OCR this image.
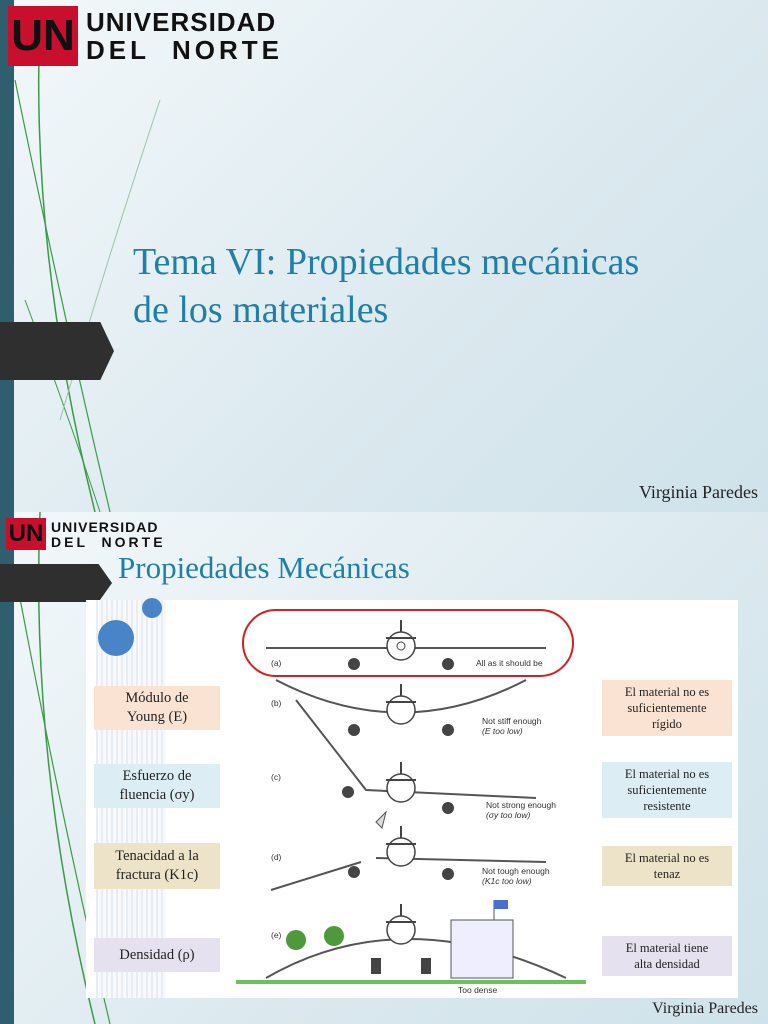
UN UNIVERSIDAD
DEL  NORTE
Tema VI: Propiedades mecánicas
de los materiales
Virginia Paredes
UN UNIVERSIDAD
DEL  NORTE
Propiedades Mecánicas
Módulo de
Young (E)
Esfuerzo de
fluencia (σy)
Tenacidad a la
fractura (K1c)
Densidad (ρ)
El material no es
suficientemente
rígido
El material no es
suficientemente
resistente
El material no es
tenaz
El material tiene
alta densidad
(a)	All as it should be
(b)
Not stiff enough
(E too low)
(c)
Not strong enough
(σy too low)
(d)
Not tough enough
(K1c too low)
(e)
Too dense
Virginia Paredes
